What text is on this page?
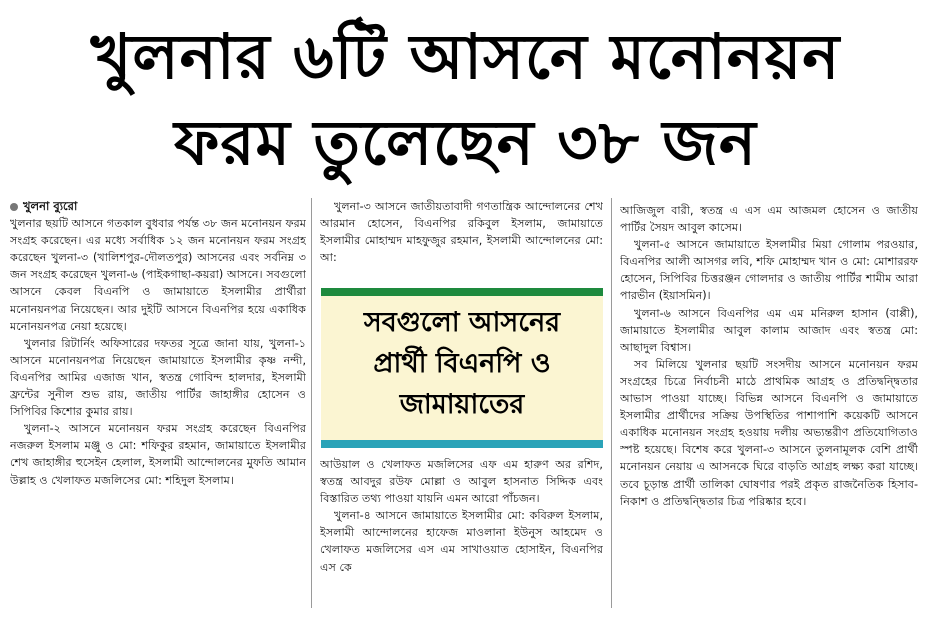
খুলনার ৬টি আসনে মনোনয়ন
ফরম তুলেছেন ৩৮ জন

খুলনা ব্যুরো

খুলনার ছয়টি আসনে গতকাল বুধবার পর্যন্ত ৩৮ জন মনোনয়ন ফরম সংগ্রহ করেছেন। এর মধ্যে সর্বাধিক ১২ জন মনোনয়ন ফরম সংগ্রহ করেছেন খুলনা-৩ (খালিশপুর-দৌলতপুর) আসনের এবং সর্বনিম্ন ৩ জন সংগ্রহ করেছেন খুলনা-৬ (পাইকগাছা-কয়রা) আসনে। সবগুলো আসনে কেবল বিএনপি ও জামায়াতে ইসলামীর প্রার্থীরা মনোনয়নপত্র নিয়েছেন। আর দুইটি আসনে বিএনপির হয়ে একাধিক মনোনয়নপত্র নেয়া হয়েছে।

খুলনার রিটার্নিং অফিসারের দফতর সূত্রে জানা যায়, খুলনা-১ আসনে মনোনয়নপত্র নিয়েছেন জামায়াতে ইসলামীর কৃষ্ণ নন্দী, বিএনপির আমির এজাজ খান, স্বতন্ত্র গোবিন্দ হালদার, ইসলামী ফ্রন্টের সুনীল শুভ রায়, জাতীয় পার্টির জাহাঙ্গীর হোসেন ও সিপিবির কিশোর কুমার রায়।

খুলনা-২ আসনে মনোনয়ন ফরম সংগ্রহ করেছেন বিএনপির নজরুল ইসলাম মঞ্জু ও মো: শফিকুর রহমান, জামায়াতে ইসলামীর শেখ জাহাঙ্গীর হুসেইন হেলাল, ইসলামী আন্দোলনের মুফতি আমান উল্লাহ ও খেলাফত মজলিসের মো: শহিদুল ইসলাম।

খুলনা-৩ আসনে জাতীয়তাবাদী গণতান্ত্রিক আন্দোলনের শেখ আরমান হোসেন, বিএনপির রকিবুল ইসলাম, জামায়াতে ইসলামীর মোহাম্মদ মাহফুজুর রহমান, ইসলামী আন্দোলনের মো: আ:

সবগুলো আসনের
প্রার্থী বিএনপি ও
জামায়াতের

আউয়াল ও খেলাফত মজলিসের এফ এম হারুণ অর রশিদ, স্বতন্ত্র আবদুর রউফ মোল্লা ও আবুল হাসনাত সিদ্দিক এবং বিস্তারিত তথ্য পাওয়া যায়নি এমন আরো পাঁচজন।

খুলনা-৪ আসনে জামায়াতে ইসলামীর মো: কবিরুল ইসলাম, ইসলামী আন্দোলনের হাফেজ মাওলানা ইউনুস আহমেদ ও খেলাফত মজলিসের এস এম সাখাওয়াত হোসাইন, বিএনপির এস কে

আজিজুল বারী, স্বতন্ত্র এ এস এম আজমল হোসেন ও জাতীয় পার্টির সৈয়দ আবুল কাসেম।

খুলনা-৫ আসনে জামায়াতে ইসলামীর মিয়া গোলাম পরওয়ার, বিএনপির আলী আসগর লবি, শফি মোহাম্মদ খান ও মো: মোশাররফ হোসেন, সিপিবির চিত্তরঞ্জন গোলদার ও জাতীয় পার্টির শামীম আরা পারভীন (ইয়াসমিন)।

খুলনা-৬ আসনে বিএনপির এম এম মনিরুল হাসান (বাপ্পী), জামায়াতে ইসলামীর আবুল কালাম আজাদ এবং স্বতন্ত্র মো: আছাদুল বিশ্বাস।

সব মিলিয়ে খুলনার ছয়টি সংসদীয় আসনে মনোনয়ন ফরম সংগ্রহের চিত্রে নির্বাচনী মাঠে প্রাথমিক আগ্রহ ও প্রতিদ্বন্দ্বিতার আভাস পাওয়া যাচ্ছে। বিভিন্ন আসনে বিএনপি ও জামায়াতে ইসলামীর প্রার্থীদের সক্রিয় উপস্থিতির পাশাপাশি কয়েকটি আসনে একাধিক মনোনয়ন সংগ্রহ হওয়ায় দলীয় অভ্যন্তরীণ প্রতিযোগিতাও স্পষ্ট হয়েছে। বিশেষ করে খুলনা-৩ আসনে তুলনামূলক বেশি প্রার্থী মনোনয়ন নেয়ায় এ আসনকে ঘিরে বাড়তি আগ্রহ লক্ষ্য করা যাচ্ছে। তবে চূড়ান্ত প্রার্থী তালিকা ঘোষণার পরই প্রকৃত রাজনৈতিক হিসাব-নিকাশ ও প্রতিদ্বন্দ্বিতার চিত্র পরিষ্কার হবে।
